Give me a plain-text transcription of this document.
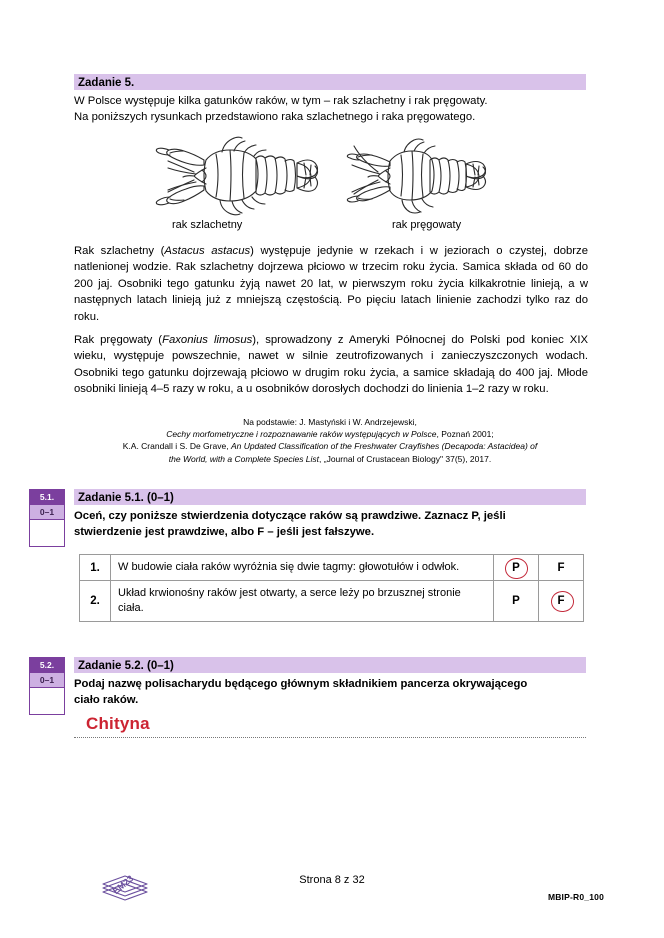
Zadanie 5.
W Polsce występuje kilka gatunków raków, w tym – rak szlachetny i rak pręgowaty.
Na poniższych rysunkach przedstawiono raka szlachetnego i raka pręgowatego.
rak szlachetny	rak pręgowaty

Rak szlachetny (Astacus astacus) występuje jedynie w rzekach i w jeziorach o czystej, dobrze natlenionej wodzie. Rak szlachetny dojrzewa płciowo w trzecim roku życia. Samica składa od 60 do 200 jaj. Osobniki tego gatunku żyją nawet 20 lat, w pierwszym roku życia kilkakrotnie linieją, a w następnych latach linieją już z mniejszą częstością. Po pięciu latach linienie zachodzi tylko raz do roku.

Rak pręgowaty (Faxonius limosus), sprowadzony z Ameryki Północnej do Polski pod koniec XIX wieku, występuje powszechnie, nawet w silnie zeutrofizowanych i zanieczyszczonych wodach. Osobniki tego gatunku dojrzewają płciowo w drugim roku życia, a samice składają do 400 jaj. Młode osobniki linieją 4–5 razy w roku, a u osobników dorosłych dochodzi do linienia 1–2 razy w roku.

Na podstawie: J. Mastyński i W. Andrzejewski,
Cechy morfometryczne i rozpoznawanie raków występujących w Polsce, Poznań 2001;
K.A. Crandall i S. De Grave, An Updated Classification of the Freshwater Crayfishes (Decapoda: Astacidea) of
the World, with a Complete Species List, „Journal of Crustacean Biology" 37(5), 2017.
5.1.
0–1
Zadanie 5.1. (0–1)
Oceń, czy poniższe stwierdzenia dotyczące raków są prawdziwe. Zaznacz P, jeśli
stwierdzenie jest prawdziwe, albo F – jeśli jest fałszywe.
1.	W budowie ciała raków wyróżnia się dwie tagmy: głowotułów i odwłok.	P	F
2.	Układ krwionośny raków jest otwarty, a serce leży po brzusznej stronie ciała.	P	F
5.2.
0–1
Zadanie 5.2. (0–1)
Podaj nazwę polisacharydu będącego głównym składnikiem pancerza okrywającego
ciało raków.
Chityna
EM23	Strona 8 z 32
MBIP-R0_100
